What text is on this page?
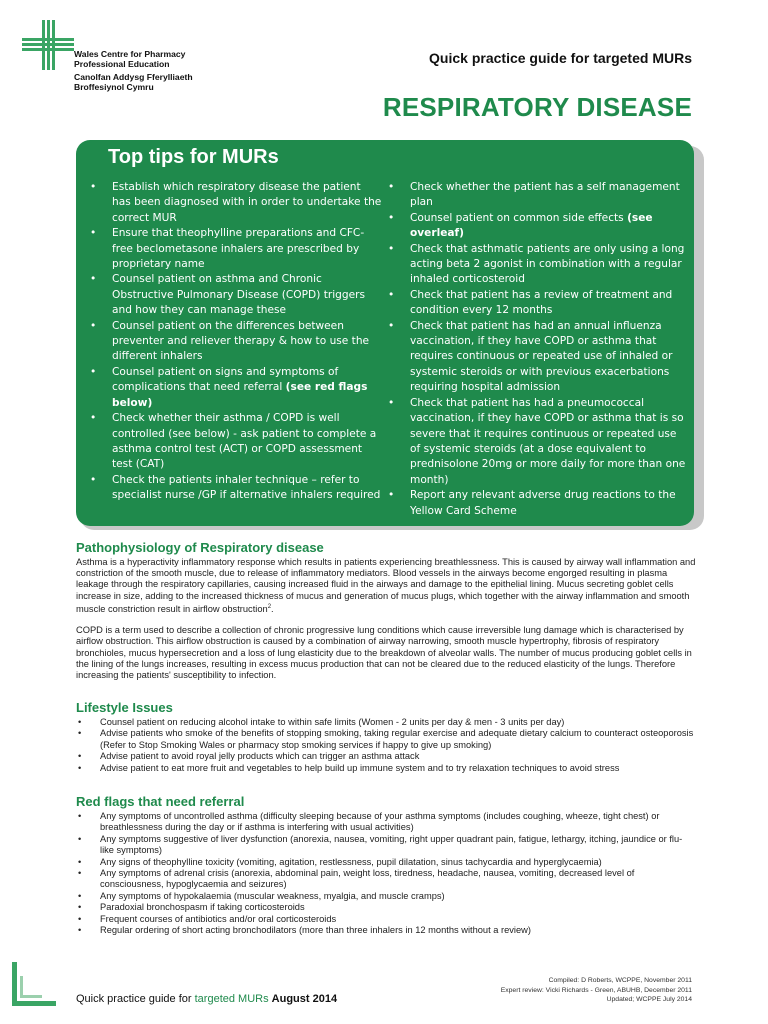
Wales Centre for Pharmacy
Professional Education
Canolfan Addysg Fferylliaeth
Broffesiynol Cymru
Quick practice guide for targeted MURs
RESPIRATORY DISEASE
Top tips for MURs
• Establish which respiratory disease the patient has been diagnosed with in order to undertake the correct MUR
• Ensure that theophylline preparations and CFC-free beclometasone inhalers are prescribed by proprietary name
• Counsel patient on asthma and Chronic Obstructive Pulmonary Disease (COPD) triggers and how they can manage these
• Counsel patient on the differences between preventer and reliever therapy & how to use the different inhalers
• Counsel patient on signs and symptoms of complications that need referral (see red flags below)
• Check whether their asthma / COPD is well controlled (see below) - ask patient to complete a asthma control test (ACT) or COPD assessment test (CAT)
• Check the patients inhaler technique – refer to specialist nurse /GP if alternative inhalers required
• Check whether the patient has a self management plan
• Counsel patient on common side effects (see overleaf)
• Check that asthmatic patients are only using a long acting beta 2 agonist in combination with a regular inhaled corticosteroid
• Check that patient has a review of treatment and condition every 12 months
• Check that patient has had an annual influenza vaccination, if they have COPD or asthma that requires continuous or repeated use of inhaled or systemic steroids or with previous exacerbations requiring hospital admission
• Check that patient has had a pneumococcal vaccination, if they have COPD or asthma that is so severe that it requires continuous or repeated use of systemic steroids (at a dose equivalent to prednisolone 20mg or more daily for more than one month)
• Report any relevant adverse drug reactions to the Yellow Card Scheme
Pathophysiology of Respiratory disease

Asthma is a hyperactivity inflammatory response which results in patients experiencing breathlessness. This is caused by airway wall inflammation and constriction of the smooth muscle, due to release of inflammatory mediators. Blood vessels in the airways become engorged resulting in plasma leakage through the respiratory capillaries, causing increased fluid in the airways and damage to the epithelial lining. Mucus secreting goblet cells increase in size, adding to the increased thickness of mucus and generation of mucus plugs, which together with the airway inflammation and smooth muscle constriction result in airflow obstruction$^2$.

COPD is a term used to describe a collection of chronic progressive lung conditions which cause irreversible lung damage which is characterised by airflow obstruction. This airflow obstruction is caused by a combination of airway narrowing, smooth muscle hypertrophy, fibrosis of respiratory bronchioles, mucus hypersecretion and a loss of lung elasticity due to the breakdown of alveolar walls. The number of mucus producing goblet cells in the lining of the lungs increases, resulting in excess mucus production that can not be cleared due to the reduced elasticity of the lungs. Therefore increasing the patients' susceptibility to infection.

Lifestyle Issues
• Counsel patient on reducing alcohol intake to within safe limits (Women - 2 units per day & men - 3 units per day)
• Advise patients who smoke of the benefits of stopping smoking, taking regular exercise and adequate dietary calcium to counteract osteoporosis (Refer to Stop Smoking Wales or pharmacy stop smoking services if happy to give up smoking)
• Advise patient to avoid royal jelly products which can trigger an asthma attack
• Advise patient to eat more fruit and vegetables to help build up immune system and to try relaxation techniques to avoid stress
Red flags that need referral
• Any symptoms of uncontrolled asthma (difficulty sleeping because of your asthma symptoms (includes coughing, wheeze, tight chest) or breathlessness during the day or if asthma is interfering with usual activities)
• Any symptoms suggestive of liver dysfunction (anorexia, nausea, vomiting, right upper quadrant pain, fatigue, lethargy, itching, jaundice or flu-like symptoms)
• Any signs of theophylline toxicity (vomiting, agitation, restlessness, pupil dilatation, sinus tachycardia and hyperglycaemia)
• Any symptoms of adrenal crisis (anorexia, abdominal pain, weight loss, tiredness, headache, nausea, vomiting, decreased level of consciousness, hypoglycaemia and seizures)
• Any symptoms of hypokalaemia (muscular weakness, myalgia, and muscle cramps)
• Paradoxial bronchospasm if taking corticosteroids
• Frequent courses of antibiotics and/or oral corticosteroids
• Regular ordering of short acting bronchodilators (more than three inhalers in 12 months without a review)
Quick practice guide for targeted MURs August 2014
Compiled: D Roberts, WCPPE, November 2011
Expert review: Vicki Richards - Green, ABUHB, December 2011
Updated; WCPPE July 2014
